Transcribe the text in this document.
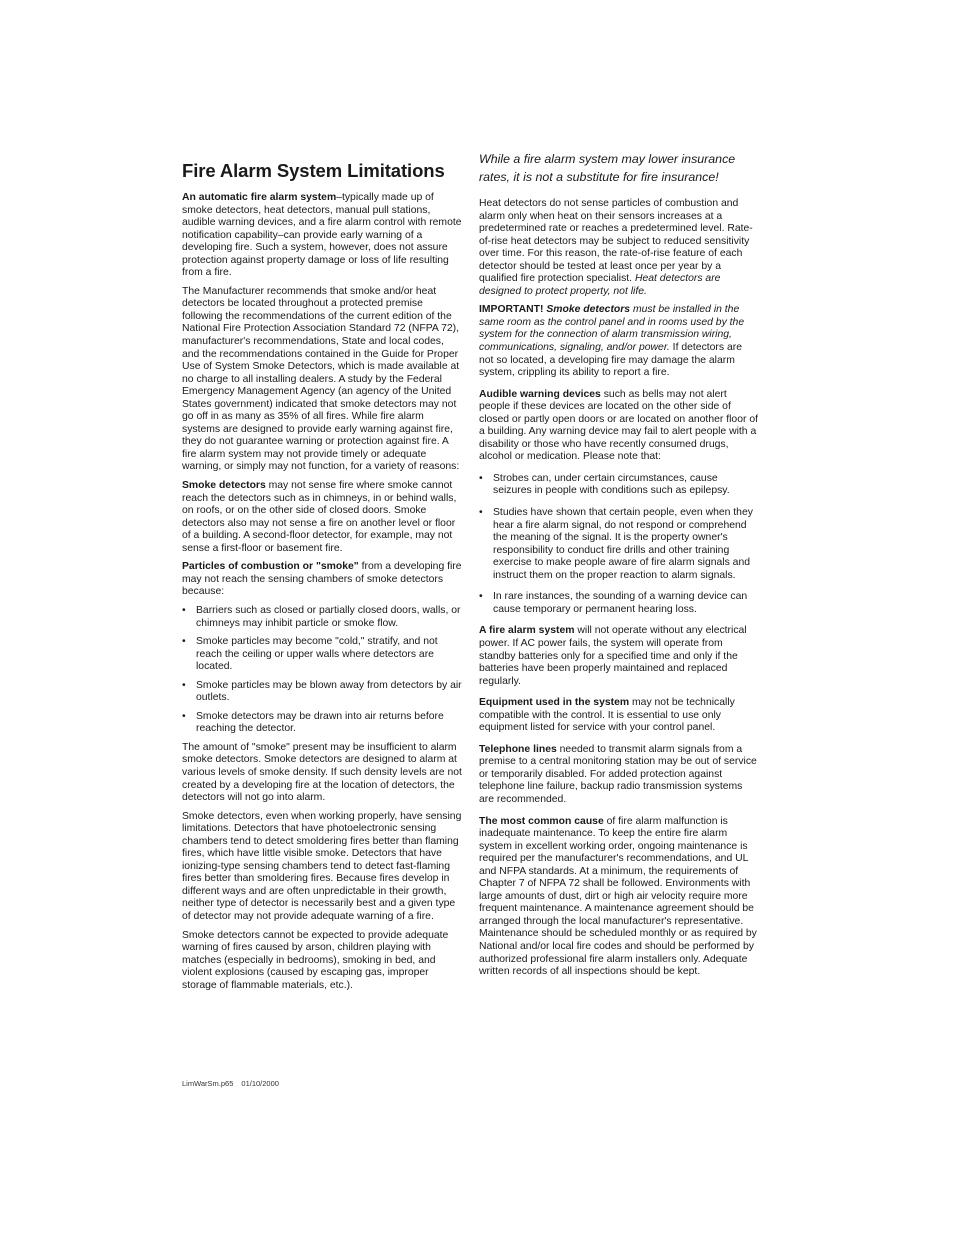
Fire Alarm System Limitations

An automatic fire alarm system–typically made up of smoke detectors, heat detectors, manual pull stations, audible warning devices, and a fire alarm control with remote notification capability–can provide early warning of a developing fire. Such a system, however, does not assure protection against property damage or loss of life resulting from a fire.

The Manufacturer recommends that smoke and/or heat detectors be located throughout a protected premise following the recommendations of the current edition of the National Fire Protection Association Standard 72 (NFPA 72), manufacturer's recommendations, State and local codes, and the recommendations contained in the Guide for Proper Use of System Smoke Detectors, which is made available at no charge to all installing dealers. A study by the Federal Emergency Management Agency (an agency of the United States government) indicated that smoke detectors may not go off in as many as 35% of all fires. While fire alarm systems are designed to provide early warning against fire, they do not guarantee warning or protection against fire. A fire alarm system may not provide timely or adequate warning, or simply may not function, for a variety of reasons:

Smoke detectors may not sense fire where smoke cannot reach the detectors such as in chimneys, in or behind walls, on roofs, or on the other side of closed doors. Smoke detectors also may not sense a fire on another level or floor of a building. A second-floor detector, for example, may not sense a first-floor or basement fire.

Particles of combustion or "smoke" from a developing fire may not reach the sensing chambers of smoke detectors because:

• Barriers such as closed or partially closed doors, walls, or chimneys may inhibit particle or smoke flow.
• Smoke particles may become "cold," stratify, and not reach the ceiling or upper walls where detectors are located.
• Smoke particles may be blown away from detectors by air outlets.
• Smoke detectors may be drawn into air returns before reaching the detector.

The amount of "smoke" present may be insufficient to alarm smoke detectors. Smoke detectors are designed to alarm at various levels of smoke density. If such density levels are not created by a developing fire at the location of detectors, the detectors will not go into alarm.

Smoke detectors, even when working properly, have sensing limitations. Detectors that have photoelectronic sensing chambers tend to detect smoldering fires better than flaming fires, which have little visible smoke. Detectors that have ionizing-type sensing chambers tend to detect fast-flaming fires better than smoldering fires. Because fires develop in different ways and are often unpredictable in their growth, neither type of detector is necessarily best and a given type of detector may not provide adequate warning of a fire.

Smoke detectors cannot be expected to provide adequate warning of fires caused by arson, children playing with matches (especially in bedrooms), smoking in bed, and violent explosions (caused by escaping gas, improper storage of flammable materials, etc.).

While a fire alarm system may lower insurance rates, it is not a substitute for fire insurance!

Heat detectors do not sense particles of combustion and alarm only when heat on their sensors increases at a predetermined rate or reaches a predetermined level. Rate-of-rise heat detectors may be subject to reduced sensitivity over time. For this reason, the rate-of-rise feature of each detector should be tested at least once per year by a qualified fire protection specialist. Heat detectors are designed to protect property, not life.

IMPORTANT! Smoke detectors must be installed in the same room as the control panel and in rooms used by the system for the connection of alarm transmission wiring, communications, signaling, and/or power. If detectors are not so located, a developing fire may damage the alarm system, crippling its ability to report a fire.

Audible warning devices such as bells may not alert people if these devices are located on the other side of closed or partly open doors or are located on another floor of a building. Any warning device may fail to alert people with a disability or those who have recently consumed drugs, alcohol or medication. Please note that:

• Strobes can, under certain circumstances, cause seizures in people with conditions such as epilepsy.
• Studies have shown that certain people, even when they hear a fire alarm signal, do not respond or comprehend the meaning of the signal. It is the property owner's responsibility to conduct fire drills and other training exercise to make people aware of fire alarm signals and instruct them on the proper reaction to alarm signals.
• In rare instances, the sounding of a warning device can cause temporary or permanent hearing loss.

A fire alarm system will not operate without any electrical power. If AC power fails, the system will operate from standby batteries only for a specified time and only if the batteries have been properly maintained and replaced regularly.

Equipment used in the system may not be technically compatible with the control. It is essential to use only equipment listed for service with your control panel.

Telephone lines needed to transmit alarm signals from a premise to a central monitoring station may be out of service or temporarily disabled. For added protection against telephone line failure, backup radio transmission systems are recommended.

The most common cause of fire alarm malfunction is inadequate maintenance. To keep the entire fire alarm system in excellent working order, ongoing maintenance is required per the manufacturer's recommendations, and UL and NFPA standards. At a minimum, the requirements of Chapter 7 of NFPA 72 shall be followed. Environments with large amounts of dust, dirt or high air velocity require more frequent maintenance. A maintenance agreement should be arranged through the local manufacturer's representative. Maintenance should be scheduled monthly or as required by National and/or local fire codes and should be performed by authorized professional fire alarm installers only. Adequate written records of all inspections should be kept.

LimWarSm.p65 01/10/2000
